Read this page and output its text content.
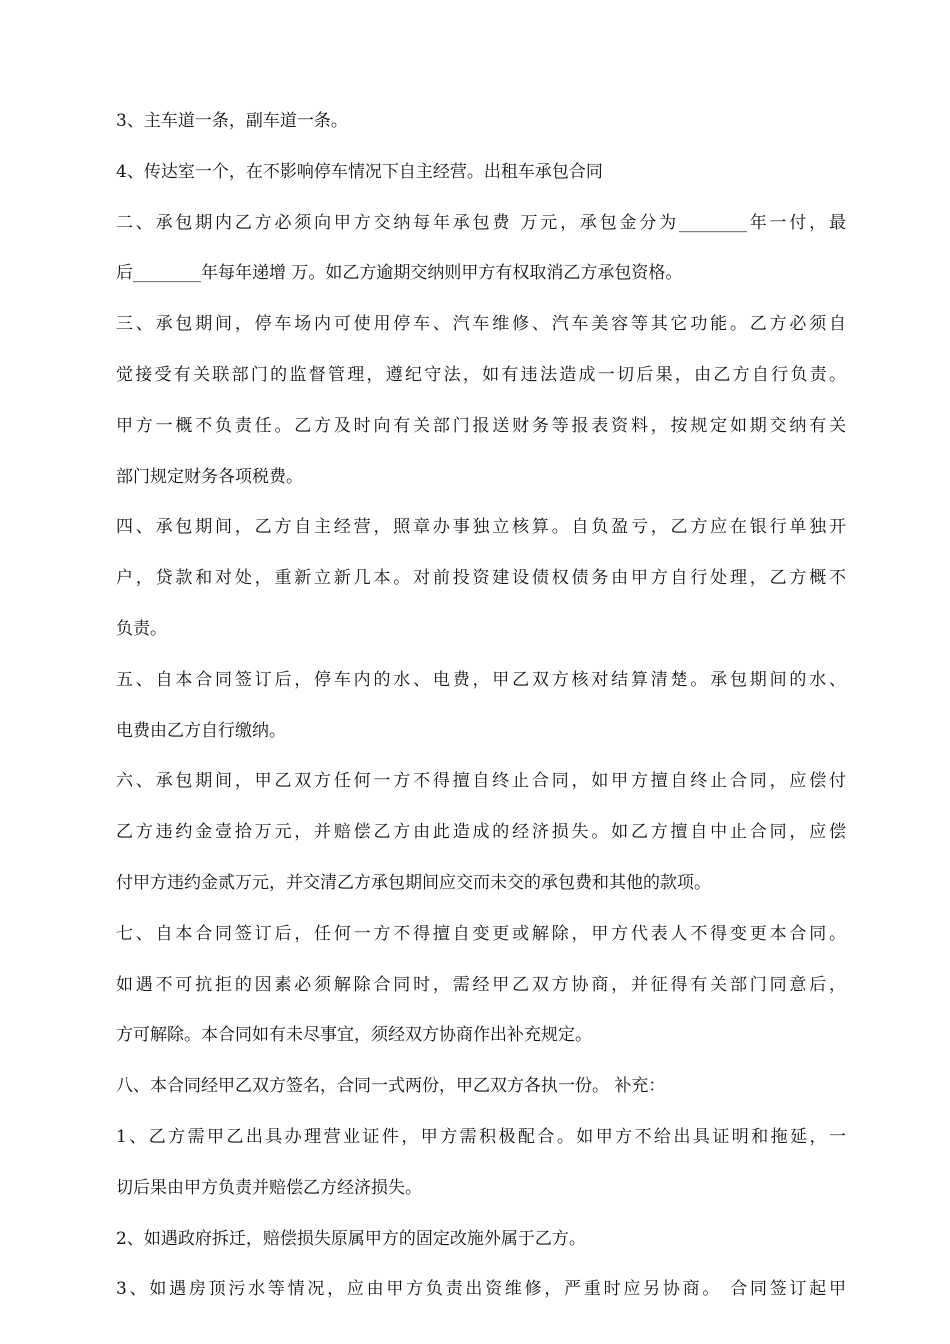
3、主车道一条，副车道一条。
4、传达室一个，在不影响停车情况下自主经营。出租车承包合同
二、承包期内乙方必须向甲方交纳每年承包费 万元，承包金分为________年一付，最
后________年每年递增 万。如乙方逾期交纳则甲方有权取消乙方承包资格。
三、承包期间，停车场内可使用停车、汽车维修、汽车美容等其它功能。乙方必须自
觉接受有关联部门的监督管理，遵纪守法，如有违法造成一切后果，由乙方自行负责。
甲方一概不负责任。乙方及时向有关部门报送财务等报表资料，按规定如期交纳有关
部门规定财务各项税费。
四、承包期间，乙方自主经营，照章办事独立核算。自负盈亏，乙方应在银行单独开
户，贷款和对处，重新立新几本。对前投资建设债权债务由甲方自行处理，乙方概不
负责。
五、自本合同签订后，停车内的水、电费，甲乙双方核对结算清楚。承包期间的水、
电费由乙方自行缴纳。
六、承包期间，甲乙双方任何一方不得擅自终止合同，如甲方擅自终止合同，应偿付
乙方违约金壹拾万元，并赔偿乙方由此造成的经济损失。如乙方擅自中止合同，应偿
付甲方违约金贰万元，并交清乙方承包期间应交而未交的承包费和其他的款项。
七、自本合同签订后，任何一方不得擅自变更或解除，甲方代表人不得变更本合同。
如遇不可抗拒的因素必须解除合同时，需经甲乙双方协商，并征得有关部门同意后，
方可解除。本合同如有未尽事宜，须经双方协商作出补充规定。
八、本合同经甲乙双方签名，合同一式两份，甲乙双方各执一份。 补充：
1、乙方需甲乙出具办理营业证件，甲方需积极配合。如甲方不给出具证明和拖延，一
切后果由甲方负责并赔偿乙方经济损失。
2、如遇政府拆迁，赔偿损失原属甲方的固定改施外属于乙方。
3、如遇房顶污水等情况，应由甲方负责出资维修，严重时应另协商。 合同签订起甲
